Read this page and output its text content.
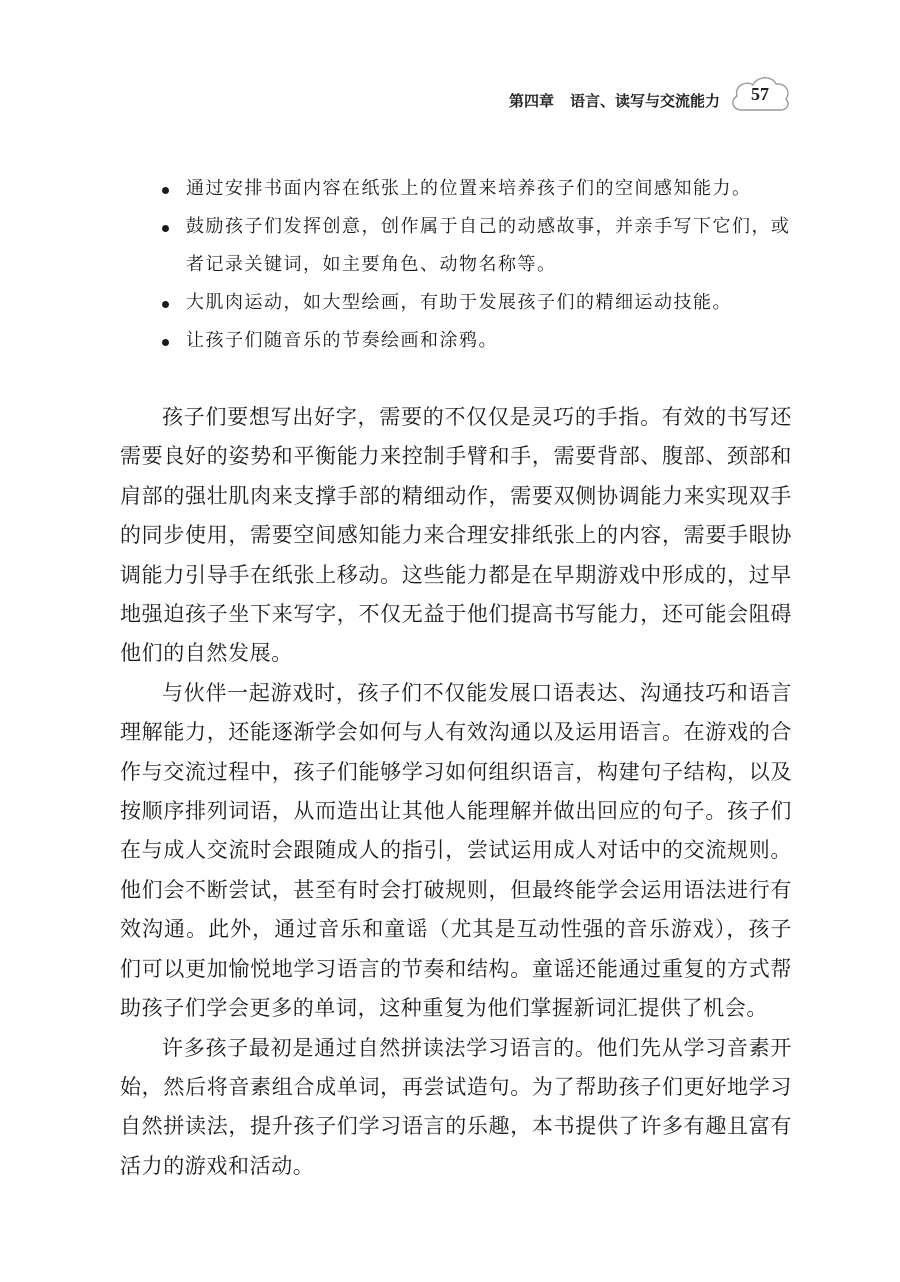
第四章 语言、读写与交流能力	57
通过安排书面内容在纸张上的位置来培养孩子们的空间感知能力。
鼓励孩子们发挥创意，创作属于自己的动感故事，并亲手写下它们，或者记录关键词，如主要角色、动物名称等。
大肌肉运动，如大型绘画，有助于发展孩子们的精细运动技能。
让孩子们随音乐的节奏绘画和涂鸦。

孩子们要想写出好字，需要的不仅仅是灵巧的手指。有效的书写还需要良好的姿势和平衡能力来控制手臂和手，需要背部、腹部、颈部和肩部的强壮肌肉来支撑手部的精细动作，需要双侧协调能力来实现双手的同步使用，需要空间感知能力来合理安排纸张上的内容，需要手眼协调能力引导手在纸张上移动。这些能力都是在早期游戏中形成的，过早地强迫孩子坐下来写字，不仅无益于他们提高书写能力，还可能会阻碍他们的自然发展。

与伙伴一起游戏时，孩子们不仅能发展口语表达、沟通技巧和语言理解能力，还能逐渐学会如何与人有效沟通以及运用语言。在游戏的合作与交流过程中，孩子们能够学习如何组织语言，构建句子结构，以及按顺序排列词语，从而造出让其他人能理解并做出回应的句子。孩子们在与成人交流时会跟随成人的指引，尝试运用成人对话中的交流规则。他们会不断尝试，甚至有时会打破规则，但最终能学会运用语法进行有效沟通。此外，通过音乐和童谣（尤其是互动性强的音乐游戏），孩子们可以更加愉悦地学习语言的节奏和结构。童谣还能通过重复的方式帮助孩子们学会更多的单词，这种重复为他们掌握新词汇提供了机会。

许多孩子最初是通过自然拼读法学习语言的。他们先从学习音素开始，然后将音素组合成单词，再尝试造句。为了帮助孩子们更好地学习自然拼读法，提升孩子们学习语言的乐趣，本书提供了许多有趣且富有活力的游戏和活动。
